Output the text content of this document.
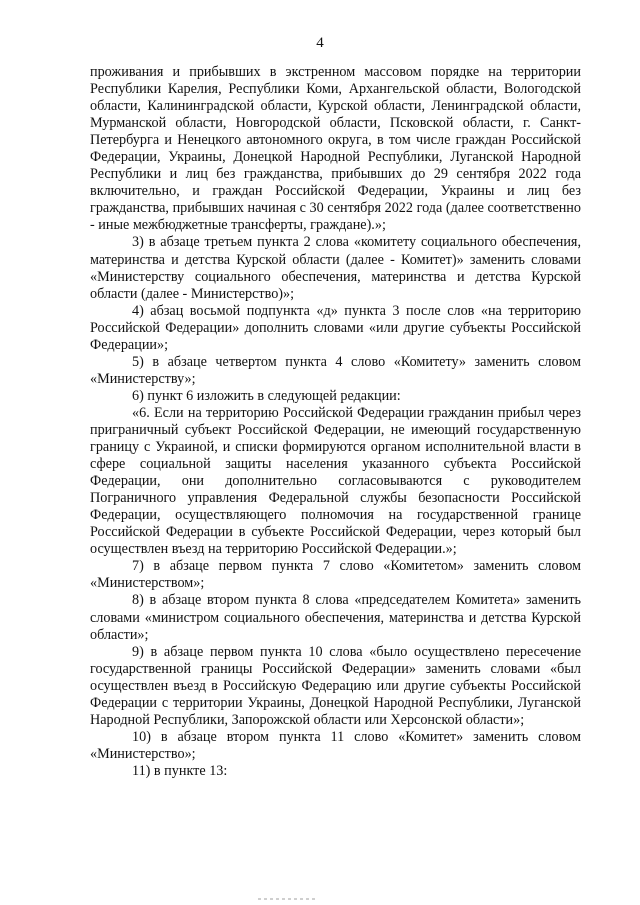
4

проживания и прибывших в экстренном массовом порядке на территории Республики Карелия, Республики Коми, Архангельской области, Вологодской области, Калининградской области, Курской области, Ленинградской области, Мурманской области, Новгородской области, Псковской области, г. Санкт-Петербурга и Ненецкого автономного округа, в том числе граждан Российской Федерации, Украины, Донецкой Народной Республики, Луганской Народной Республики и лиц без гражданства, прибывших до 29 сентября 2022 года включительно, и граждан Российской Федерации, Украины и лиц без гражданства, прибывших начиная с 30 сентября 2022 года (далее соответственно - иные межбюджетные трансферты, граждане).»;

3) в абзаце третьем пункта 2 слова «комитету социального обеспечения, материнства и детства Курской области (далее - Комитет)» заменить словами «Министерству социального обеспечения, материнства и детства Курской области (далее - Министерство)»;

4) абзац восьмой подпункта «д» пункта 3 после слов «на территорию Российской Федерации» дополнить словами «или другие субъекты Российской Федерации»;

5) в абзаце четвертом пункта 4 слово «Комитету» заменить словом «Министерству»;

6) пункт 6 изложить в следующей редакции:

«6. Если на территорию Российской Федерации гражданин прибыл через приграничный субъект Российской Федерации, не имеющий государственную границу с Украиной, и списки формируются органом исполнительной власти в сфере социальной защиты населения указанного субъекта Российской Федерации, они дополнительно согласовываются с руководителем Пограничного управления Федеральной службы безопасности Российской Федерации, осуществляющего полномочия на государственной границе Российской Федерации в субъекте Российской Федерации, через который был осуществлен въезд на территорию Российской Федерации.»;

7) в абзаце первом пункта 7 слово «Комитетом» заменить словом «Министерством»;

8) в абзаце втором пункта 8 слова «председателем Комитета» заменить словами «министром социального обеспечения, материнства и детства Курской области»;

9) в абзаце первом пункта 10 слова «было осуществлено пересечение государственной границы Российской Федерации» заменить словами «был осуществлен въезд в Российскую Федерацию или другие субъекты Российской Федерации с территории Украины, Донецкой Народной Республики, Луганской Народной Республики, Запорожской области или Херсонской области»;

10) в абзаце втором пункта 11 слово «Комитет» заменить словом «Министерство»;

11) в пункте 13:
